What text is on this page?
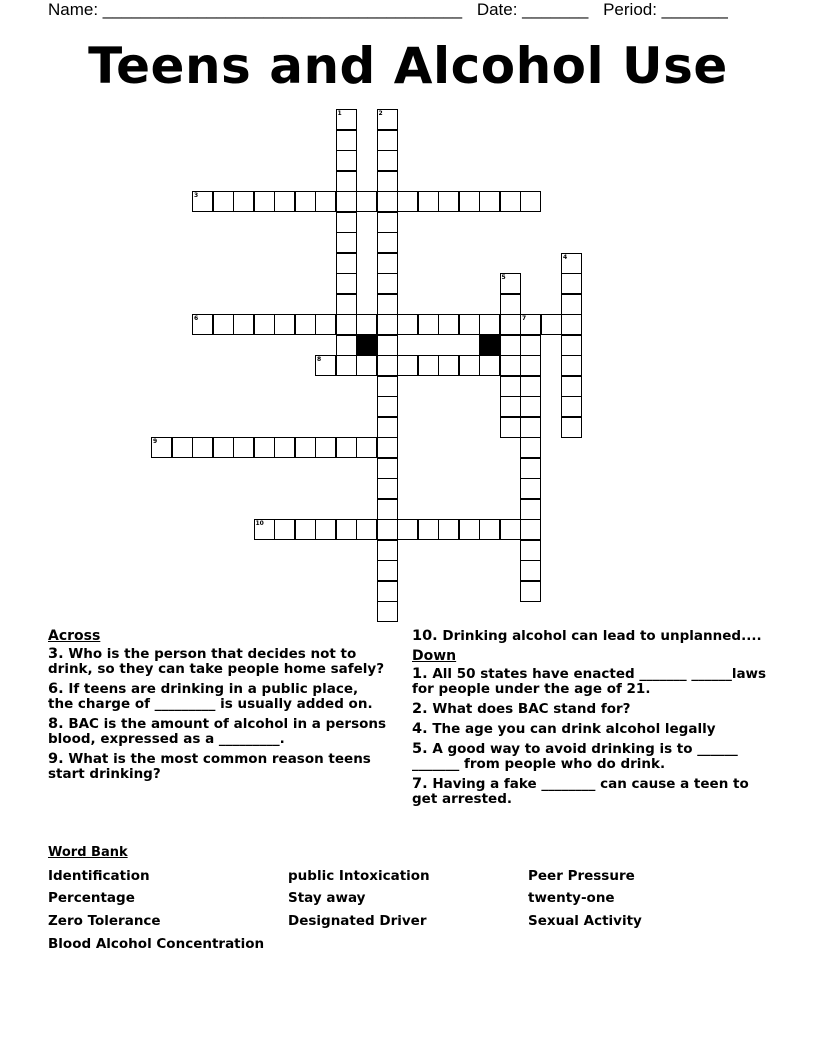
Name: ______________________________________ Date: _______ Period: _______
Teens and Alcohol Use
1	2
3
4
5
6	7
8
9
10
Across
3. Who is the person that decides not to drink, so they can take people home safely?
6. If teens are drinking in a public place, the charge of _________ is usually added on.
8. BAC is the amount of alcohol in a persons blood, expressed as a _________.
9. What is the most common reason teens start drinking?
10. Drinking alcohol can lead to unplanned....
Down
1. All 50 states have enacted _______ ______laws for people under the age of 21.
2. What does BAC stand for?
4. The age you can drink alcohol legally
5. A good way to avoid drinking is to ______ _______ from people who do drink.
7. Having a fake ________ can cause a teen to get arrested.
Word Bank
Identification	public Intoxication	Peer Pressure
Percentage	Stay away	twenty-one
Zero Tolerance	Designated Driver	Sexual Activity
Blood Alcohol Concentration
